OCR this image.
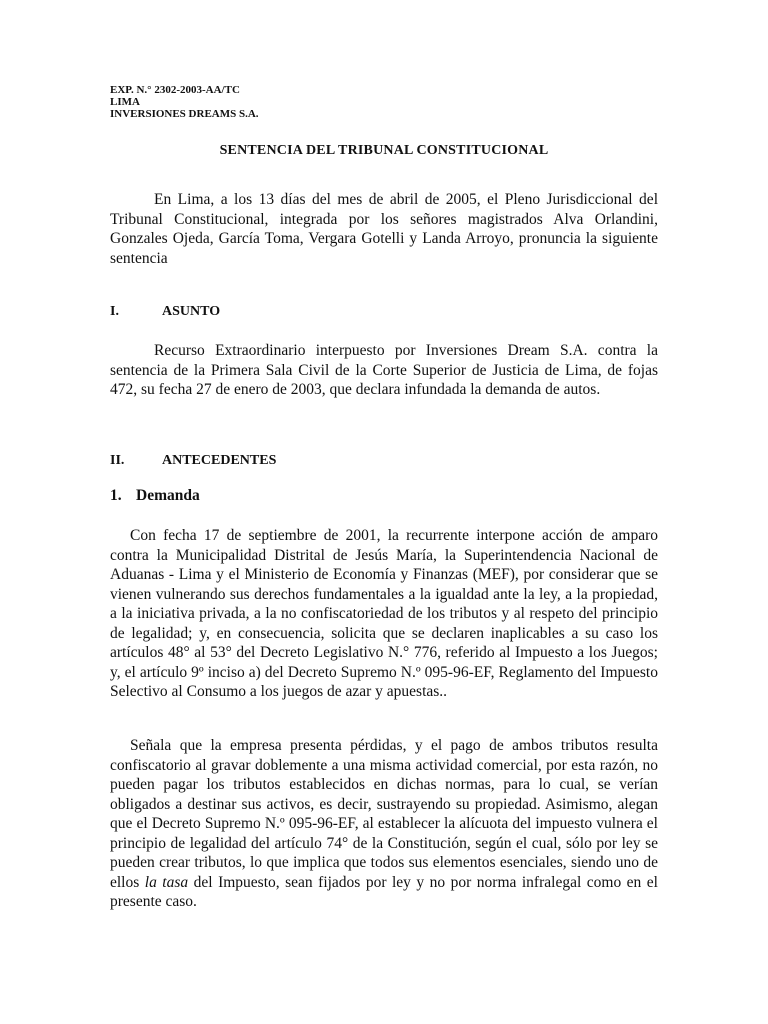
EXP. N.° 2302-2003-AA/TC
LIMA
INVERSIONES DREAMS S.A.
SENTENCIA DEL TRIBUNAL CONSTITUCIONAL

En Lima, a los 13 días del mes de abril de 2005, el Pleno Jurisdiccional del Tribunal Constitucional, integrada por los señores magistrados Alva Orlandini, Gonzales Ojeda, García Toma, Vergara Gotelli y Landa Arroyo, pronuncia la siguiente sentencia

I.	ASUNTO

Recurso Extraordinario interpuesto por Inversiones Dream S.A. contra la sentencia de la Primera Sala Civil de la Corte Superior de Justicia de Lima, de fojas 472, su fecha 27 de enero de 2003, que declara infundada la demanda de autos.

II.	ANTECEDENTES
1. Demanda

Con fecha 17 de septiembre de 2001, la recurrente interpone acción de amparo contra la Municipalidad Distrital de Jesús María, la Superintendencia Nacional de Aduanas - Lima y el Ministerio de Economía y Finanzas (MEF), por considerar que se vienen vulnerando sus derechos fundamentales a la igualdad ante la ley, a la propiedad, a la iniciativa privada, a la no confiscatoriedad de los tributos y al respeto del principio de legalidad; y, en consecuencia, solicita que se declaren inaplicables a su caso los artículos 48° al 53° del Decreto Legislativo N.° 776, referido al Impuesto a los Juegos; y, el artículo 9º inciso a) del Decreto Supremo N.º 095-96-EF, Reglamento del Impuesto Selectivo al Consumo a los juegos de azar y apuestas..

Señala que la empresa presenta pérdidas, y el pago de ambos tributos resulta confiscatorio al gravar doblemente a una misma actividad comercial, por esta razón, no pueden pagar los tributos establecidos en dichas normas, para lo cual, se verían obligados a destinar sus activos, es decir, sustrayendo su propiedad. Asimismo, alegan que el Decreto Supremo N.º 095-96-EF, al establecer la alícuota del impuesto vulnera el principio de legalidad del artículo 74° de la Constitución, según el cual, sólo por ley se pueden crear tributos, lo que implica que todos sus elementos esenciales, siendo uno de ellos la tasa del Impuesto, sean fijados por ley y no por norma infralegal como en el presente caso.
